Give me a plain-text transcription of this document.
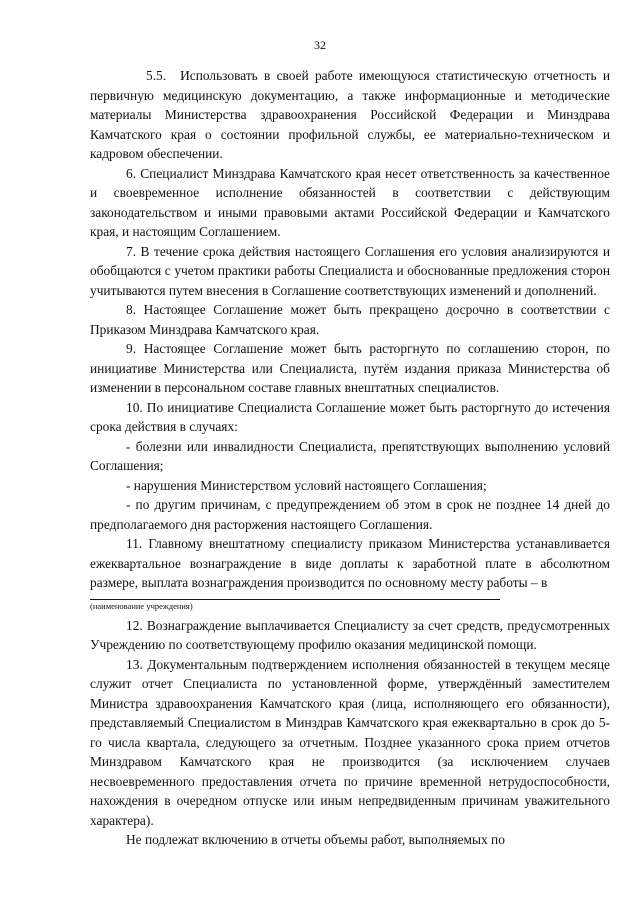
32

5.5. Использовать в своей работе имеющуюся статистическую отчетность и первичную медицинскую документацию, а также информационные и методические материалы Министерства здравоохранения Российской Федерации и Минздрава Камчатского края о состоянии профильной службы, ее материально-техническом и кадровом обеспечении.

6. Специалист Минздрава Камчатского края несет ответственность за качественное и своевременное исполнение обязанностей в соответствии с действующим законодательством и иными правовыми актами Российской Федерации и Камчатского края, и настоящим Соглашением.

7. В течение срока действия настоящего Соглашения его условия анализируются и обобщаются с учетом практики работы Специалиста и обоснованные предложения сторон учитываются путем внесения в Соглашение соответствующих изменений и дополнений.

8. Настоящее Соглашение может быть прекращено досрочно в соответствии с Приказом Минздрава Камчатского края.

9. Настоящее Соглашение может быть расторгнуто по соглашению сторон, по инициативе Министерства или Специалиста, путём издания приказа Министерства об изменении в персональном составе главных внештатных специалистов.

10. По инициативе Специалиста Соглашение может быть расторгнуто до истечения срока действия в случаях:

- болезни или инвалидности Специалиста, препятствующих выполнению условий Соглашения;

- нарушения Министерством условий настоящего Соглашения;

- по другим причинам, с предупреждением об этом в срок не позднее 14 дней до предполагаемого дня расторжения настоящего Соглашения.

11. Главному внештатному специалисту приказом Министерства устанавливается ежеквартальное вознаграждение в виде доплаты к заработной плате в абсолютном размере, выплата вознаграждения производится по основному месту работы – в

(наименование учреждения)

12. Вознаграждение выплачивается Специалисту за счет средств, предусмотренных Учреждению по соответствующему профилю оказания медицинской помощи.

13. Документальным подтверждением исполнения обязанностей в текущем месяце служит отчет Специалиста по установленной форме, утверждённый заместителем Министра здравоохранения Камчатского края (лица, исполняющего его обязанности), представляемый Специалистом в Минздрав Камчатского края ежеквартально в срок до 5-го числа квартала, следующего за отчетным. Позднее указанного срока прием отчетов Минздравом Камчатского края не производится (за исключением случаев несвоевременного предоставления отчета по причине временной нетрудоспособности, нахождения в очередном отпуске или иным непредвиденным причинам уважительного характера).

Не подлежат включению в отчеты объемы работ, выполняемых по
